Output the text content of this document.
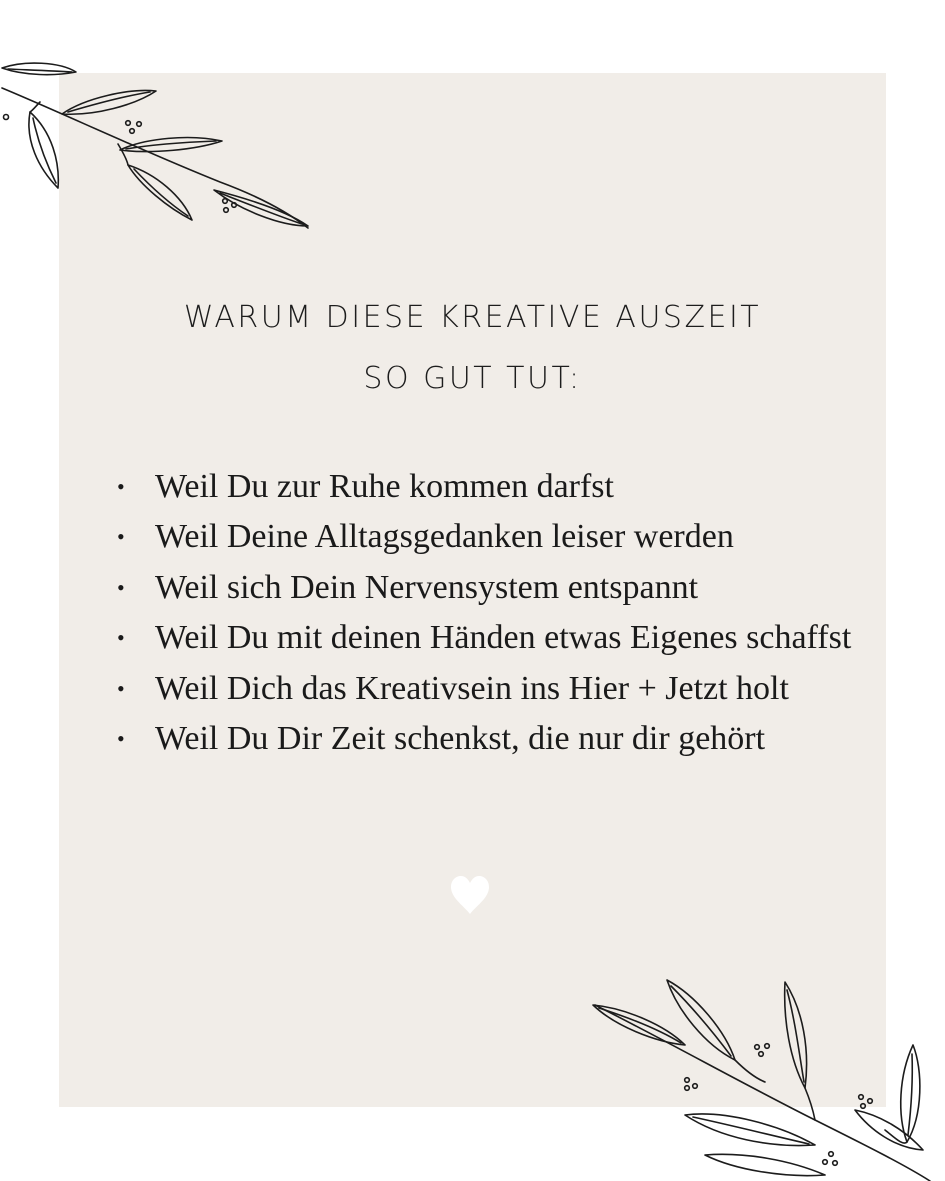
WARUM DIESE KREATIVE AUSZEIT
SO GUT TUT:
• Weil Du zur Ruhe kommen darfst
• Weil Deine Alltagsgedanken leiser werden
• Weil sich Dein Nervensystem entspannt
• Weil Du mit deinen Händen etwas Eigenes schaffst
• Weil Dich das Kreativsein ins Hier + Jetzt holt
• Weil Du Dir Zeit schenkst, die nur dir gehört
